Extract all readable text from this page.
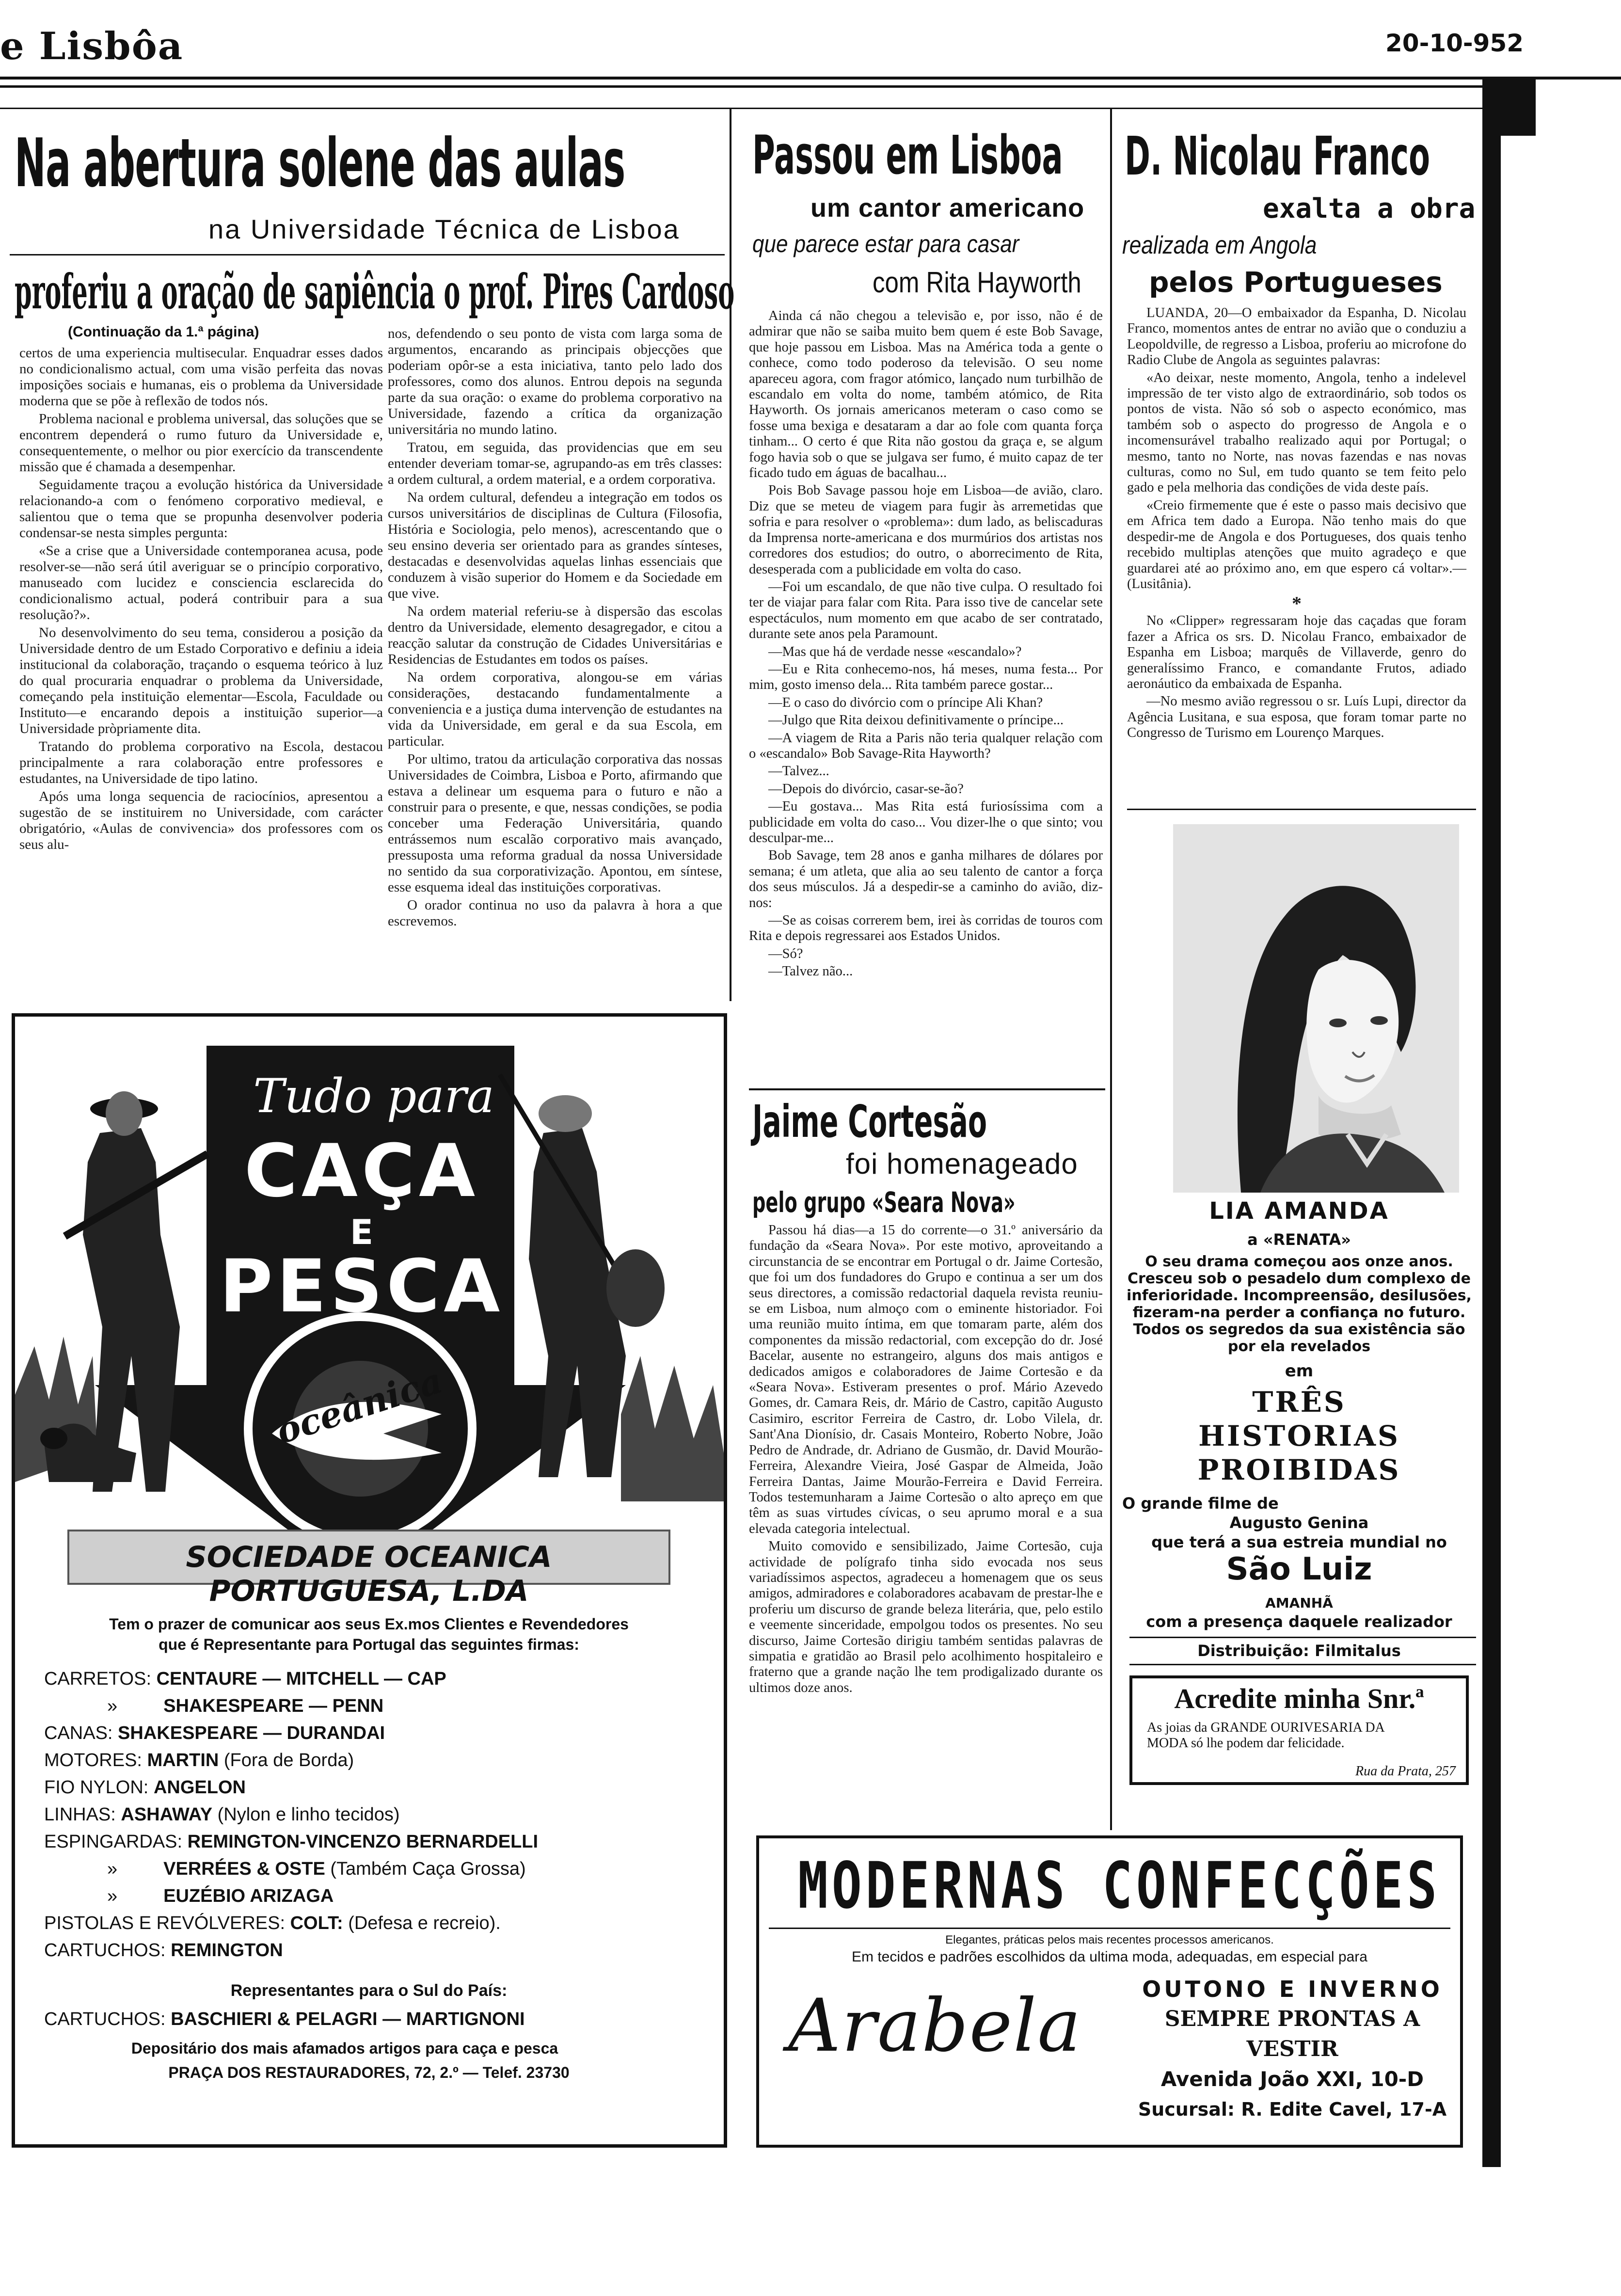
e Lisbôa	20-10-952
Na abertura solene das aulas
na Universidade Técnica de Lisboa
proferiu a oração de sapiência o prof. Pires Cardoso
(Continuação da 1.ª página)

certos de uma experiencia multisecular. Enquadrar esses dados no condicionalismo actual, com uma visão perfeita das novas imposições sociais e humanas, eis o problema da Universidade moderna que se põe à reflexão de todos nós.

Problema nacional e problema universal, das soluções que se encontrem dependerá o rumo futuro da Universidade e, consequentemente, o melhor ou pior exercício da transcendente missão que é chamada a desempenhar.

Seguidamente traçou a evolução histórica da Universidade relacionando-a com o fenómeno corporativo medieval, e salientou que o tema que se propunha desenvolver poderia condensar-se nesta simples pergunta:

«Se a crise que a Universidade contemporanea acusa, pode resolver-se—não será útil averiguar se o princípio corporativo, manuseado com lucidez e consciencia esclarecida do condicionalismo actual, poderá contribuir para a sua resolução?».

No desenvolvimento do seu tema, considerou a posição da Universidade dentro de um Estado Corporativo e definiu a ideia institucional da colaboração, traçando o esquema teórico à luz do qual procuraria enquadrar o problema da Universidade, começando pela instituição elementar—Escola, Faculdade ou Instituto—e encarando depois a instituição superior—a Universidade pròpriamente dita.

Tratando do problema corporativo na Escola, destacou principalmente a rara colaboração entre professores e estudantes, na Universidade de tipo latino.

Após uma longa sequencia de raciocínios, apresentou a sugestão de se instituirem no Universidade, com carácter obrigatório, «Aulas de convivencia» dos professores com os seus alu-

nos, defendendo o seu ponto de vista com larga soma de argumentos, encarando as principais objecções que poderiam opôr-se a esta iniciativa, tanto pelo lado dos professores, como dos alunos. Entrou depois na segunda parte da sua oração: o exame do problema corporativo na Universidade, fazendo a crítica da organização universitária no mundo latino.

Tratou, em seguida, das providencias que em seu entender deveriam tomar-se, agrupando-as em três classes: a ordem cultural, a ordem material, e a ordem corporativa.

Na ordem cultural, defendeu a integração em todos os cursos universitários de disciplinas de Cultura (Filosofia, História e Sociologia, pelo menos), acrescentando que o seu ensino deveria ser orientado para as grandes sínteses, destacadas e desenvolvidas aquelas linhas essenciais que conduzem à visão superior do Homem e da Sociedade em que vive.

Na ordem material referiu-se à dispersão das escolas dentro da Universidade, elemento desagregador, e citou a reacção salutar da construção de Cidades Universitárias e Residencias de Estudantes em todos os países.

Na ordem corporativa, alongou-se em várias considerações, destacando fundamentalmente a conveniencia e a justiça duma intervenção de estudantes na vida da Universidade, em geral e da sua Escola, em particular.

Por ultimo, tratou da articulação corporativa das nossas Universidades de Coimbra, Lisboa e Porto, afirmando que estava a delinear um esquema para o futuro e não a construir para o presente, e que, nessas condições, se podia conceber uma Federação Universitária, quando entrássemos num escalão corporativo mais avançado, pressuposta uma reforma gradual da nossa Universidade no sentido da sua corporativização. Apontou, em síntese, esse esquema ideal das instituições corporativas.

O orador continua no uso da palavra à hora a que escrevemos.

Passou em Lisboa
um cantor americano
que parece estar para casar
com Rita Hayworth

Ainda cá não chegou a televisão e, por isso, não é de admirar que não se saiba muito bem quem é este Bob Savage, que hoje passou em Lisboa. Mas na América toda a gente o conhece, como todo poderoso da televisão. O seu nome apareceu agora, com fragor atómico, lançado num turbilhão de escandalo em volta do nome, também atómico, de Rita Hayworth. Os jornais americanos meteram o caso como se fosse uma bexiga e desataram a dar ao fole com quanta força tinham... O certo é que Rita não gostou da graça e, se algum fogo havia sob o que se julgava ser fumo, é muito capaz de ter ficado tudo em águas de bacalhau...

Pois Bob Savage passou hoje em Lisboa—de avião, claro. Diz que se meteu de viagem para fugir às arremetidas que sofria e para resolver o «problema»: dum lado, as beliscaduras da Imprensa norte-americana e dos murmúrios dos artistas nos corredores dos estudios; do outro, o aborrecimento de Rita, desesperada com a publicidade em volta do caso.

—Foi um escandalo, de que não tive culpa. O resultado foi ter de viajar para falar com Rita. Para isso tive de cancelar sete espectáculos, num momento em que acabo de ser contratado, durante sete anos pela Paramount.

—Mas que há de verdade nesse «escandalo»?

—Eu e Rita conhecemo-nos, há meses, numa festa... Por mim, gosto imenso dela... Rita também parece gostar...

—E o caso do divórcio com o príncipe Ali Khan?

—Julgo que Rita deixou definitivamente o príncipe...

—A viagem de Rita a Paris não teria qualquer relação com o «escandalo» Bob Savage-Rita Hayworth?

—Talvez...

—Depois do divórcio, casar-se-ão?

—Eu gostava... Mas Rita está furiosíssima com a publicidade em volta do caso... Vou dizer-lhe o que sinto; vou desculpar-me...

Bob Savage, tem 28 anos e ganha milhares de dólares por semana; é um atleta, que alia ao seu talento de cantor a força dos seus músculos. Já a despedir-se a caminho do avião, diz-nos:

—Se as coisas correrem bem, irei às corridas de touros com Rita e depois regressarei aos Estados Unidos.

—Só?

—Talvez não...

D. Nicolau Franco
exalta a obra
realizada em Angola
pelos Portugueses

LUANDA, 20—O embaixador da Espanha, D. Nicolau Franco, momentos antes de entrar no avião que o conduziu a Leopoldville, de regresso a Lisboa, proferiu ao microfone do Radio Clube de Angola as seguintes palavras:

«Ao deixar, neste momento, Angola, tenho a indelevel impressão de ter visto algo de extraordinário, sob todos os pontos de vista. Não só sob o aspecto económico, mas também sob o aspecto do progresso de Angola e o incomensurável trabalho realizado aqui por Portugal; o mesmo, tanto no Norte, nas novas fazendas e nas novas culturas, como no Sul, em tudo quanto se tem feito pelo gado e pela melhoria das condições de vida deste país.

«Creio firmemente que é este o passo mais decisivo que em Africa tem dado a Europa. Não tenho mais do que despedir-me de Angola e dos Portugueses, dos quais tenho recebido multiplas atenções que muito agradeço e que guardarei até ao próximo ano, em que espero cá voltar».—(Lusitânia).

*

No «Clipper» regressaram hoje das caçadas que foram fazer a Africa os srs. D. Nicolau Franco, embaixador de Espanha em Lisboa; marquês de Villaverde, genro do generalíssimo Franco, e comandante Frutos, adiado aeronáutico da embaixada de Espanha.

—No mesmo avião regressou o sr. Luís Lupi, director da Agência Lusitana, e sua esposa, que foram tomar parte no Congresso de Turismo em Lourenço Marques.

LIA AMANDA
a «RENATA»
O seu drama começou aos onze anos. Cresceu sob o pesadelo dum complexo de inferioridade. Incompreensão, desilusões, fizeram-na perder a confiança no futuro. Todos os segredos da sua existência são por ela revelados
em
TRÊS
HISTORIAS
PROIBIDAS
O grande filme de
Augusto Genina
que terá a sua estreia mundial no
São Luiz
AMANHÃ
com a presença daquele realizador
Distribuição: Filmitalus
Acredite minha Snr.ª
As joias da GRANDE OURIVESARIA DA MODA só lhe podem dar felicidade.
Rua da Prata, 257
Jaime Cortesão
foi homenageado
pelo grupo «Seara Nova»

Passou há dias—a 15 do corrente—o 31.º aniversário da fundação da «Seara Nova». Por este motivo, aproveitando a circunstancia de se encontrar em Portugal o dr. Jaime Cortesão, que foi um dos fundadores do Grupo e continua a ser um dos seus directores, a comissão redactorial daquela revista reuniu-se em Lisboa, num almoço com o eminente historiador. Foi uma reunião muito íntima, em que tomaram parte, além dos componentes da missão redactorial, com excepção do dr. José Bacelar, ausente no estrangeiro, alguns dos mais antigos e dedicados amigos e colaboradores de Jaime Cortesão e da «Seara Nova». Estiveram presentes o prof. Mário Azevedo Gomes, dr. Camara Reis, dr. Mário de Castro, capitão Augusto Casimiro, escritor Ferreira de Castro, dr. Lobo Vilela, dr. Sant'Ana Dionísio, dr. Casais Monteiro, Roberto Nobre, João Pedro de Andrade, dr. Adriano de Gusmão, dr. David Mourão-Ferreira, Alexandre Vieira, José Gaspar de Almeida, João Ferreira Dantas, Jaime Mourão-Ferreira e David Ferreira. Todos testemunharam a Jaime Cortesão o alto apreço em que têm as suas virtudes cívicas, o seu aprumo moral e a sua elevada categoria intelectual.

Muito comovido e sensibilizado, Jaime Cortesão, cuja actividade de polígrafo tinha sido evocada nos seus variadíssimos aspectos, agradeceu a homenagem que os seus amigos, admiradores e colaboradores acabavam de prestar-lhe e proferiu um discurso de grande beleza literária, que, pelo estilo e veemente sinceridade, empolgou todos os presentes. No seu discurso, Jaime Cortesão dirigiu também sentidas palavras de simpatia e gratidão ao Brasil pelo acolhimento hospitaleiro e fraterno que a grande nação lhe tem prodigalizado durante os ultimos doze anos.

Tudo para
CAÇA
E
PESCA
oceânica
SOCIEDADE OCEANICA PORTUGUESA, L.DA
Tem o prazer de comunicar aos seus Ex.mos Clientes e Revendedores que é Representante para Portugal das seguintes firmas:
CARRETOS: CENTAURE — MITCHELL — CAP
»	SHAKESPEARE — PENN
CANAS: SHAKESPEARE — DURANDAI
MOTORES: MARTIN (Fora de Borda)
FIO NYLON: ANGELON
LINHAS: ASHAWAY (Nylon e linho tecidos)
ESPINGARDAS: REMINGTON-VINCENZO BERNARDELLI
»	VERRÉES & OSTE (Também Caça Grossa)
»	EUZÉBIO ARIZAGA
PISTOLAS E REVÓLVERES: COLT: (Defesa e recreio).
CARTUCHOS: REMINGTON
Representantes para o Sul do País:
CARTUCHOS: BASCHIERI & PELAGRI — MARTIGNONI
Depositário dos mais afamados artigos para caça e pesca
PRAÇA DOS RESTAURADORES, 72, 2.º — Telef. 23730
MODERNAS CONFECÇÕES
Elegantes, práticas pelos mais recentes processos americanos.
Em tecidos e padrões escolhidos da ultima moda, adequadas, em especial para
Arabela	OUTONO E INVERNO
SEMPRE PRONTAS A VESTIR
Avenida João XXI, 10-D
Sucursal: R. Edite Cavel, 17-A
